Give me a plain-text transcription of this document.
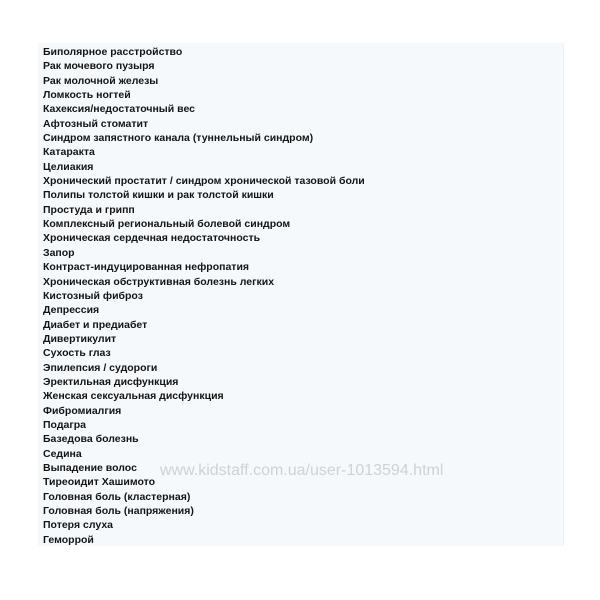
Биполярное расстройство
Рак мочевого пузыря
Рак молочной железы
Ломкость ногтей
Кахексия/недостаточный вес
Афтозный стоматит
Синдром запястного канала (туннельный синдром)
Катаракта
Целиакия
Хронический простатит / синдром хронической тазовой боли
Полипы толстой кишки и рак толстой кишки
Простуда и грипп
Комплексный региональный болевой синдром
Хроническая сердечная недостаточность
Запор
Контраст-индуцированная нефропатия
Хроническая обструктивная болезнь легких
Кистозный фиброз
Депрессия
Диабет и предиабет
Дивертикулит
Сухость глаз
Эпилепсия / судороги
Эректильная дисфункция
Женская сексуальная дисфункция
Фибромиалгия
Подагра
Базедова болезнь
Седина
Выпадение волос
Тиреоидит Хашимото
Головная боль (кластерная)
Головная боль (напряжения)
Потеря слуха
Геморрой
www.kidstaff.com.ua/user-1013594.html
